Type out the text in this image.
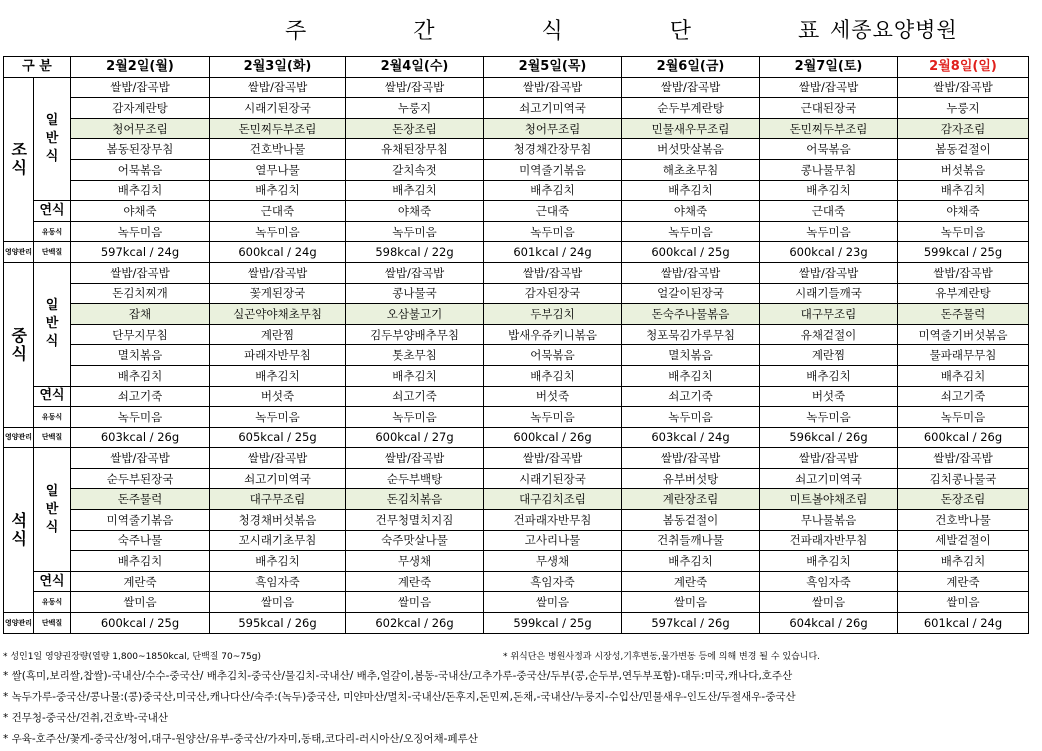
주 간 식 단 표
세종요양병원
구 분		2월2일(월)	2월3일(화)	2월4일(수)	2월5일(목)	2월6일(금)	2월7일(토)	2월8일(일)
조식	일반식	쌀밥/잡곡밥	쌀밥/잡곡밥	쌀밥/잡곡밥	쌀밥/잡곡밥	쌀밥/잡곡밥	쌀밥/잡곡밥	쌀밥/잡곡밥
		감자계란탕	시래기된장국	누룽지	쇠고기미역국	순두부계란탕	근대된장국	누룽지
		청어무조림	돈민찌두부조림	돈장조림	청어무조림	민물새우무조림	돈민찌두부조림	감자조림
		봄동된장무침	건호박나물	유채된장무침	청경채간장무침	버섯맛살볶음	어묵볶음	봄동겉절이
		어묵볶음	열무나물	갈치속젓	미역줄기볶음	해초초무침	콩나물무침	버섯볶음
		배추김치	배추김치	배추김치	배추김치	배추김치	배추김치	배추김치
	연식	야채죽	근대죽	야채죽	근대죽	야채죽	근대죽	야채죽
	유동식	녹두미음	녹두미음	녹두미음	녹두미음	녹두미음	녹두미음	녹두미음
영양관리	단백질	597kcal / 24g	600kcal / 24g	598kcal / 22g	601kcal / 24g	600kcal / 25g	600kcal / 23g	599kcal / 25g
중식	일반식	쌀밥/잡곡밥	쌀밥/잡곡밥	쌀밥/잡곡밥	쌀밥/잡곡밥	쌀밥/잡곡밥	쌀밥/잡곡밥	쌀밥/잡곡밥
		돈김치찌개	꽃게된장국	콩나물국	감자된장국	얼갈이된장국	시래기들깨국	유부계란탕
		잡채	실곤약야채초무침	오삼불고기	두부김치	돈숙주나물볶음	대구무조림	돈주물럭
		단무지무침	계란찜	김두부양배추무침	밥새우쥬키니볶음	청포묵김가루무침	유채겉절이	미역줄기버섯볶음
		멸치볶음	파래자반무침	톳초무침	어묵볶음	멸치볶음	계란찜	물파래무무침
		배추김치	배추김치	배추김치	배추김치	배추김치	배추김치	배추김치
	연식	쇠고기죽	버섯죽	쇠고기죽	버섯죽	쇠고기죽	버섯죽	쇠고기죽
	유동식	녹두미음	녹두미음	녹두미음	녹두미음	녹두미음	녹두미음	녹두미음
영양관리	단백질	603kcal / 26g	605kcal / 25g	600kcal / 27g	600kcal / 26g	603kcal / 24g	596kcal / 26g	600kcal / 26g
석식	일반식	쌀밥/잡곡밥	쌀밥/잡곡밥	쌀밥/잡곡밥	쌀밥/잡곡밥	쌀밥/잡곡밥	쌀밥/잡곡밥	쌀밥/잡곡밥
		순두부된장국	쇠고기미역국	순두부백탕	시래기된장국	유부버섯탕	쇠고기미역국	김치콩나물국
		돈주물럭	대구무조림	돈김치볶음	대구김치조림	계란장조림	미트볼야채조림	돈장조림
		미역줄기볶음	청경채버섯볶음	건무청멸치지짐	건파래자반무침	봄동겉절이	무나물볶음	건호박나물
		숙주나물	꼬시래기초무침	숙주맛살나물	고사리나물	건취들깨나물	건파래자반무침	세발겉절이
		배추김치	배추김치	무생채	무생채	배추김치	배추김치	배추김치
	연식	계란죽	흑임자죽	계란죽	흑임자죽	계란죽	흑임자죽	계란죽
	유동식	쌀미음	쌀미음	쌀미음	쌀미음	쌀미음	쌀미음	쌀미음
영양관리	단백질	600kcal / 25g	595kcal / 26g	602kcal / 26g	599kcal / 25g	597kcal / 26g	604kcal / 26g	601kcal / 24g
* 성인1일 영양권장량(열량 1,800~1850kcal, 단백질 70~75g)	* 위식단은 병원사정과 시장성,기후변동,물가변동 등에 의해 변경 될 수 있습니다.
* 쌀(흑미,보리쌀,찹쌀)-국내산/수수-중국산/ 배추김치-중국산/물김치-국내산/ 배추,얼갈이,봄동-국내산/고추가루-중국산/두부(콩,순두부,연두부포함)-대두:미국,캐나다,호주산
* 녹두가루-중국산/콩나물:(콩)중국산,미국산,캐나다산/숙주:(녹두)중국산, 미얀마산/멸치-국내산/돈후지,돈민찌,돈채,-국내산/누룽지-수입산/민물새우-인도산/두절새우-중국산
* 건무청-중국산/건취,건호박-국내산
* 우육-호주산/꽃게-중국산/청어,대구-원양산/유부-중국산/가자미,동태,코다리-러시아산/오징어채-페루산
